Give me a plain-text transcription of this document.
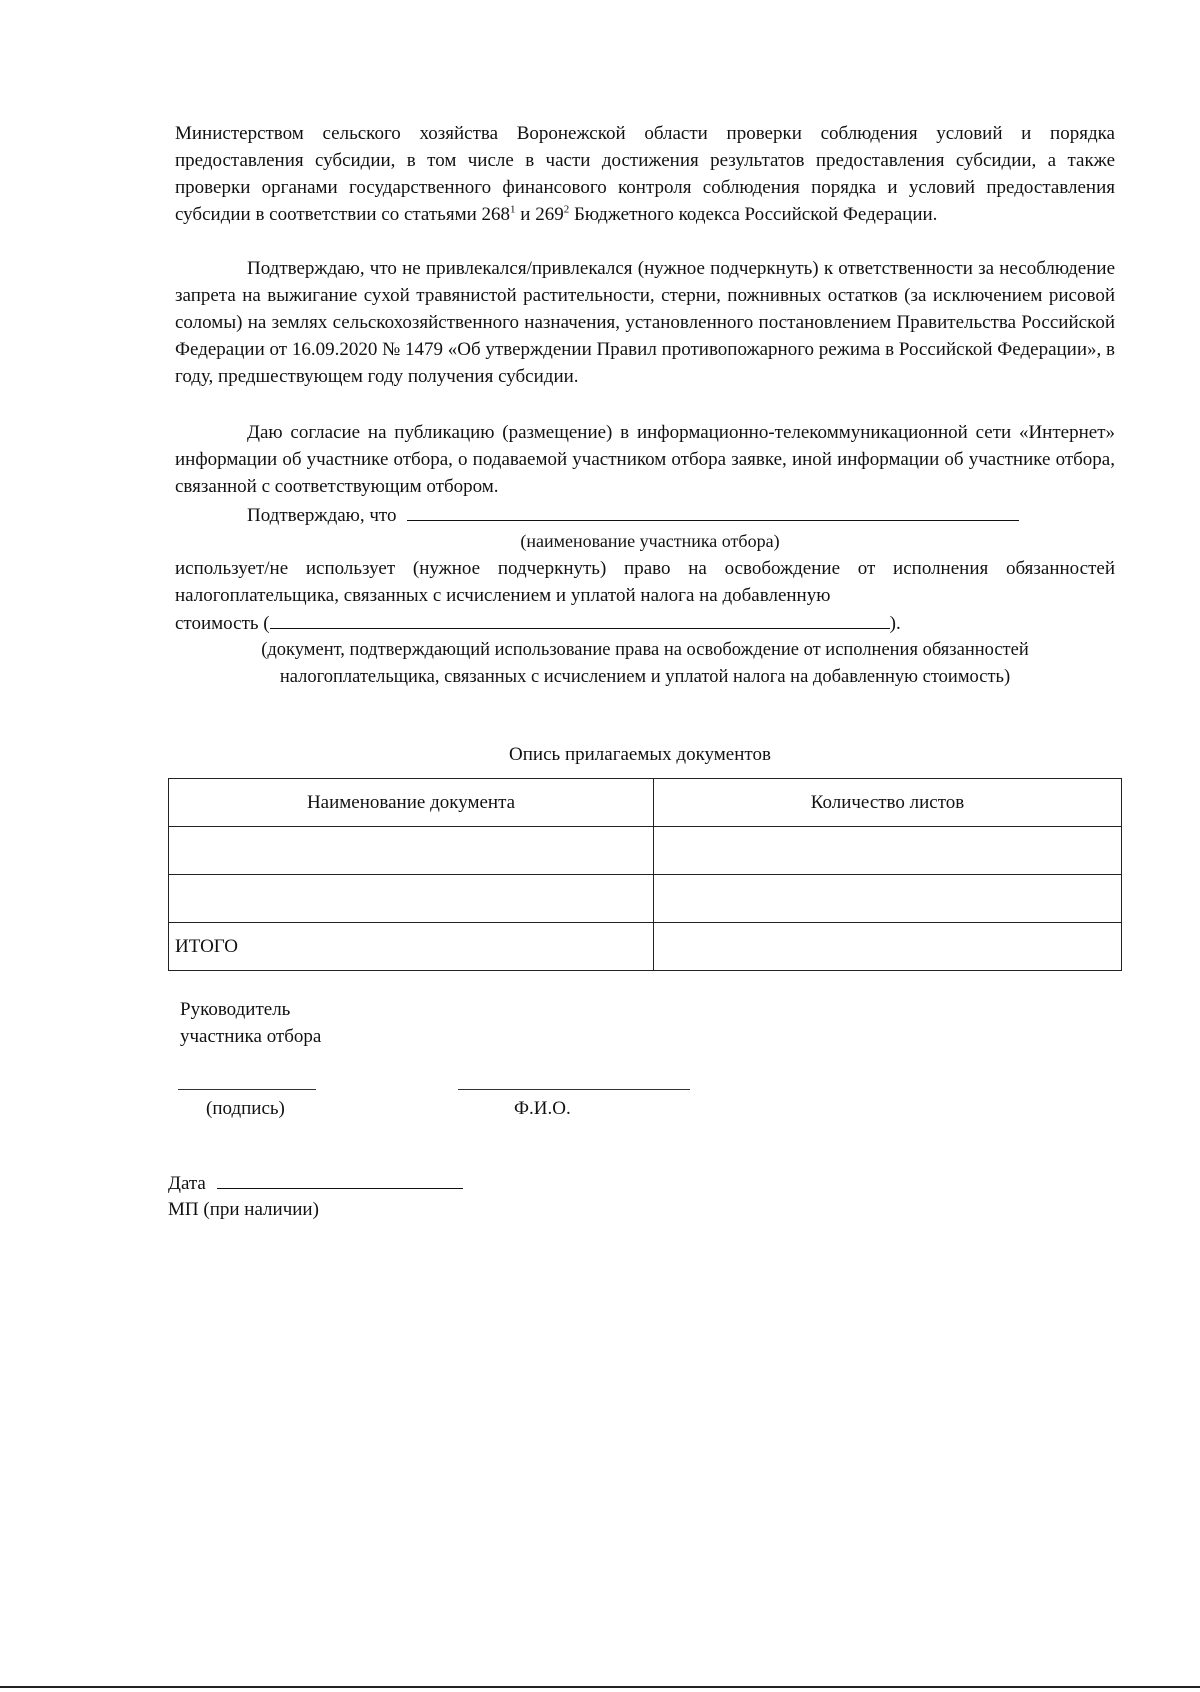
Министерством сельского хозяйства Воронежской области проверки соблюдения условий и порядка предоставления субсидии, в том числе в части достижения результатов предоставления субсидии, а также проверки органами государственного финансового контроля соблюдения порядка и условий предоставления субсидии в соответствии со статьями $268^1$ и $269^2$ Бюджетного кодекса Российской Федерации.

Подтверждаю, что не привлекался/привлекался (нужное подчеркнуть) к ответственности за несоблюдение запрета на выжигание сухой травянистой растительности, стерни, пожнивных остатков (за исключением рисовой соломы) на землях сельскохозяйственного назначения, установленного постановлением Правительства Российской Федерации от 16.09.2020 № 1479 «Об утверждении Правил противопожарного режима в Российской Федерации», в году, предшествующем году получения субсидии.

Даю согласие на публикацию (размещение) в информационно-телекоммуникационной сети «Интернет» информации об участнике отбора, о подаваемой участником отбора заявке, иной информации об участнике отбора, связанной с соответствующим отбором.

Подтверждаю, что
(наименование участника отбора)

использует/не использует (нужное подчеркнуть) право на освобождение от исполнения обязанностей налогоплательщика, связанных с исчислением и уплатой налога на добавленную

стоимость (	).
(документ, подтверждающий использование права на освобождение от исполнения обязанностей налогоплательщика, связанных с исчислением и уплатой налога на добавленную стоимость)
Опись прилагаемых документов
Наименование документа	Количество листов

ИТОГО	
Руководитель
участника отбора
(подпись)	Ф.И.О.
Дата
МП (при наличии)
